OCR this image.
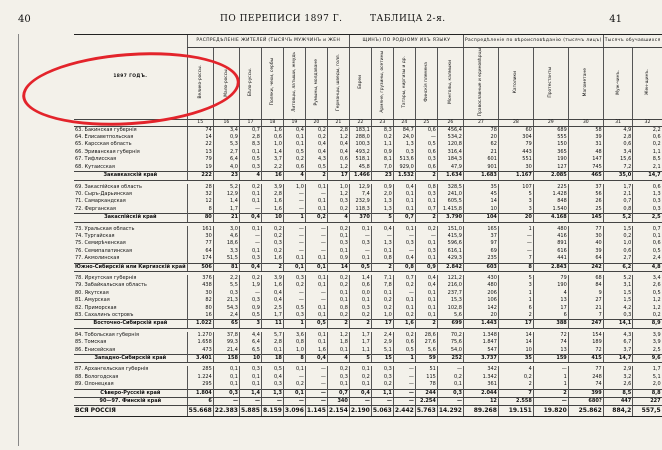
40	ПО ПЕРЕПИСИ 1897 Г.	ТАБЛИЦА 2-я.	41
1897 ГОДЪ.	РАСПРЕДѢЛЕНІЕ ЖИТЕЛЕЙ (ТЫСЯЧЪ МУЖЧИНЪ и ЖЕН							ЩИНЪ) ПО РОДНОМУ ИХЪ ЯЗЫКУ					Распредѣленіе по вѣроисповѣданію (тысячъ лицъ)				Тысячъ обучавшихся	
	Велико-россы.	Мало-россы.	Бѣло-руссы.	Поляки, чехи, сербы	Литовцы, латыши, жмудь	Румыны, молдаване	Германцы, шведы, голл.	Евреи	Армяне, грузины, осетины	Татары, киргизы и др.	Финскія племена	Монголы, калмыки	Православные и единовѣрцы	Католики	Протестанты	Магометане	Муж-чинъ.	Жен-щинъ.
	15	16	17	18	19	20	21	22	23	24	25	26	27	28	29	30	31	32
63. Бакинская губернія	74	3,4	0,7	1,6	0,4	0,2	2,8	183,1	8,3	84,7	0,6	456,4	78	60	689	58	4,9	2,2
64. Елисаветпольская	14	0,9	2,8	0,6	0,1	0,2	1,2	288,0	0,2	24,0	—	534,2	20	304	555	39	2,8	0,6
65. Карсская область	22	5,3	8,3	1,0	0,1	0,4	0,4	100,3	1,1	1,3	0,5	120,8	62	79	150	31	0,6	0,2
66. Эриванская губернія	13	2,7	0,1	1,4	0,5	0,4	0,4	493,2	0,9	0,3	0,6	316,4	21	443	365	48	3,4	1,1
67. Тифлисская	79	6,4	0,5	3,7	0,2	4,3	0,6	518,1	8,1	513,6	0,3	184,3	601	551	190	147	15,6	8,5
68. Кутаисская	19	4,0	0,3	2,2	0,6	0,5	1,2	45,8	7,0	929,0	0,6	47,9	901	30	127	745	7,2	2,1
Закавказскій край	222	23	4	16	4	2	17	1.466	23	1.532	2	1.634	1.683	1.167	2.085	465	35,0	14,7

69. Закаспійская область	28	5,2	0,2	3,9	1,0	0,1	1,0	12,9	0,9	0,4	0,8	328,5	35	107	225	37	1,7	0,6
70. Сыръ-Дарьинская	32	12,9	0,1	2,8	—	—	1,2	7,4	2,0	0,1	0,3	241,0	45	5	1.428	56	2,1	1,3
71. Самаркандская	12	1,4	0,1	1,6	—	0,1	0,3	232,9	1,3	0,1	0,1	605,5	14	3	848	26	0,7	0,3
72. Ферганская	8	1,7	—	1,6	—	0,1	0,2	118,3	1,3	0,1	0,7	1.415,8	10	3	1.540	25	0,8	0,3
Закаспійскій край	80	21	0,4	10	1	0,2	4	370	5	0,7	2	3.790	104	20	4.168	145	5,2	2,5

73. Уральская область	161	3,0	0,1	0,2	—	—	0,2	0,1	0,4	0,1	0,2	151,0	165	1	480	77	1,5	0,7
74. Тургайская	30	4,6	—	0,2	—	—	0,1	—	—	—	—	415,9	37	—	416	30	0,2	0,1
75. Семирѣченская	77	18,6	—	0,3	—	—	0,3	0,3	1,3	0,3	0,1	596,6	97	—	891	40	1,0	0,6
76. Семипалатинская	64	3,3	0,1	0,2	—	—	0,1	—	0,1	—	0,3	616,1	69	—	616	39	0,6	0,5
77. Акмолинская	174	51,5	0,3	1,6	0,1	0,1	0,9	0,1	0,8	0,4	0,1	429,3	235	7	441	64	2,7	2,4
Южно-Сибирскій или Киргизскій край	506	81	0,4	2	0,1	0,1	14	0,5	2	0,8	0,9	2.842	603	8	2.843	242	6,2	4,8

78. Иркутская губернія	376	2,2	0,2	3,9	0,3	0,1	0,2	1,4	7,1	0,7	0,4	121,2	430	5	79	68	5,2	3,4
79. Забайкальская область	438	5,5	1,9	1,6	0,2	0,1	0,2	0,6	7,8	0,2	0,4	216,0	480	3	190	84	3,1	2,6
80. Якутская	30	0,3	—	0,4	—	—	0,1	0,0	0,1	—	0,1	237,7	206	1	4	9	1,5	0,5
81. Амурская	82	21,3	0,3	0,4	—	—	0,1	0,1	0,2	0,1	0,1	15,3	106	1	13	27	1,5	1,2
82. Приморская	80	54,3	0,9	2,5	0,5	0,1	0,8	0,3	0,2	0,1	0,1	102,8	142	6	17	21	4,2	1,2
83. Сахалинъ островъ	16	2,4	0,5	1,7	0,3	0,1	0,2	0,2	1,0	0,2	0,1	5,6	20	2	6	7	0,3	0,2
Восточно-Сибирскій край	1.022	65	3	11	1	0,5	2	2	17	1,6	2	699	1.443	17	388	247	14,1	8,9

84. Тобольская губернія	1.270	37,8	4,4	5,7	3,6	0,1	1,2	1,7	2,4	0,2	28,6	70,2	1.348	14	72	154	4,3	3,9
85. Томская	1.658	99,3	6,4	2,8	0,8	0,1	1,8	1,7	2,9	0,6	27,6	75,6	1.847	14	74	189	6,7	3,9
86. Енисейская	473	21,4	6,5	0,1	1,0	1,6	0,1	1,1	5,1	0,5	5,6	54,0	547	10	13	72	3,7	2,5
Западно-Сибирскій край	3.401	158	10	18	8	0,4	4	5	15	1	59	252	3.737	35	159	415	14,7	9,6

87. Архангельская губернія	285	0,1	0,3	0,5	0,1	—	0,2	0,1	0,3	—	51	—	342	4	—	77	2,9	1,7
88. Вологодская	1.224	0,1	0,1	0,4	—	—	0,3	0,2	0,3	—	115	0,2	1.342	0,2	1	248	3,2	5,1
89. Олонецкая	295	0,1	0,1	0,3	0,2	—	0,1	0,1	0,2	—	78	0,1	361	2	1	74	2,6	2,0
Сѣверо-Русскій край	1.804	0,3	1,4	1,3	0,1	—	0,7	0,4	1,1	—	244	0,3	2.044	7	2	399	8,5	8,8
90—97. Финскій край	6	—	—	—	—	—	340	—	—	—	2.254	—	12	2.558	—	680?	447	227
ВСЯ РОССІЯ	55.668	22.383	5.885	8.159	3.096	1.145	2.154	2.190	5.063	2.442	5.763	14.292	89.268	19.151	19.820	25.862	884,2	557,5
